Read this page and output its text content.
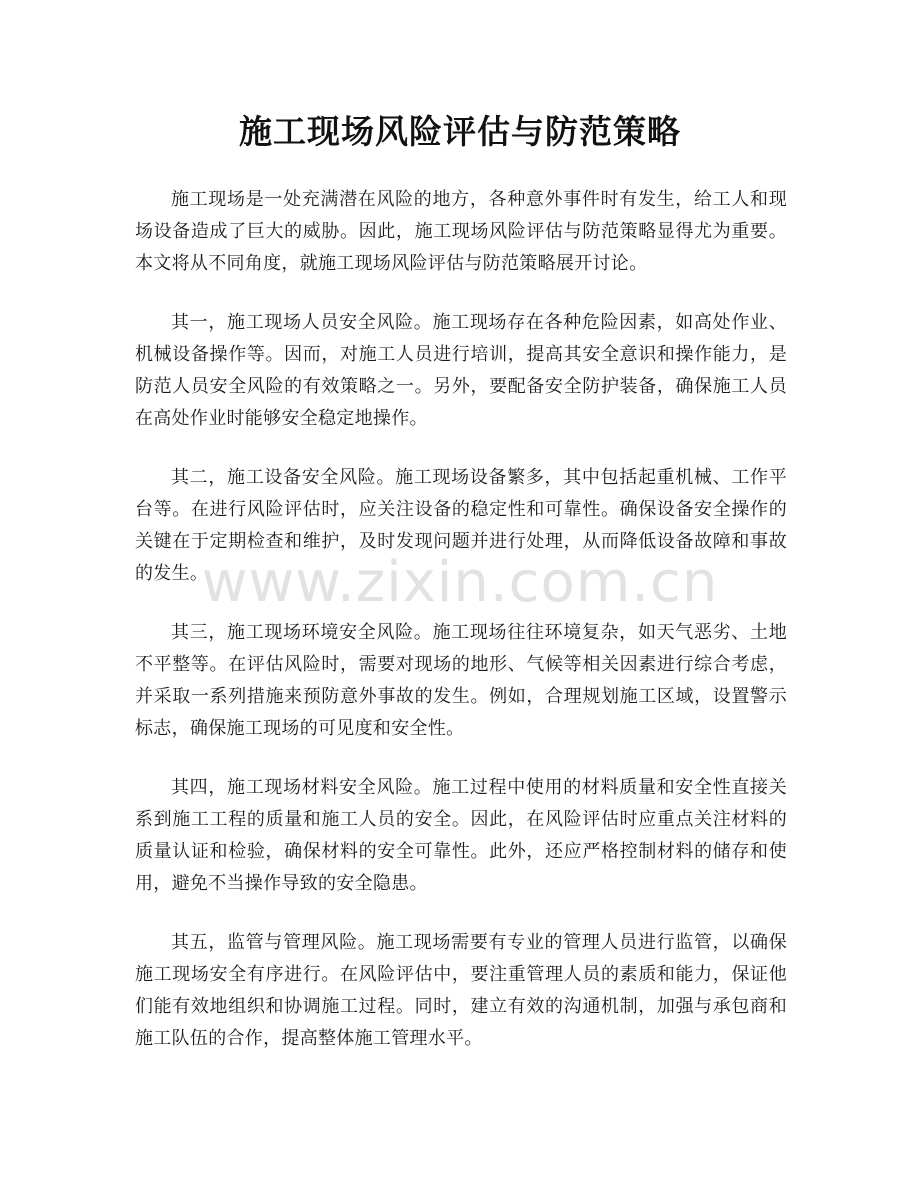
施工现场风险评估与防范策略

施工现场是一处充满潜在风险的地方，各种意外事件时有发生，给工人和现场设备造成了巨大的威胁。因此，施工现场风险评估与防范策略显得尤为重要。本文将从不同角度，就施工现场风险评估与防范策略展开讨论。

其一，施工现场人员安全风险。施工现场存在各种危险因素，如高处作业、机械设备操作等。因而，对施工人员进行培训，提高其安全意识和操作能力，是防范人员安全风险的有效策略之一。另外，要配备安全防护装备，确保施工人员在高处作业时能够安全稳定地操作。

其二，施工设备安全风险。施工现场设备繁多，其中包括起重机械、工作平台等。在进行风险评估时，应关注设备的稳定性和可靠性。确保设备安全操作的关键在于定期检查和维护，及时发现问题并进行处理，从而降低设备故障和事故的发生。

其三，施工现场环境安全风险。施工现场往往环境复杂，如天气恶劣、土地不平整等。在评估风险时，需要对现场的地形、气候等相关因素进行综合考虑，并采取一系列措施来预防意外事故的发生。例如，合理规划施工区域，设置警示标志，确保施工现场的可见度和安全性。

其四，施工现场材料安全风险。施工过程中使用的材料质量和安全性直接关系到施工工程的质量和施工人员的安全。因此，在风险评估时应重点关注材料的质量认证和检验，确保材料的安全可靠性。此外，还应严格控制材料的储存和使用，避免不当操作导致的安全隐患。

其五，监管与管理风险。施工现场需要有专业的管理人员进行监管，以确保施工现场安全有序进行。在风险评估中，要注重管理人员的素质和能力，保证他们能有效地组织和协调施工过程。同时，建立有效的沟通机制，加强与承包商和施工队伍的合作，提高整体施工管理水平。

www.zixin.com.cn
